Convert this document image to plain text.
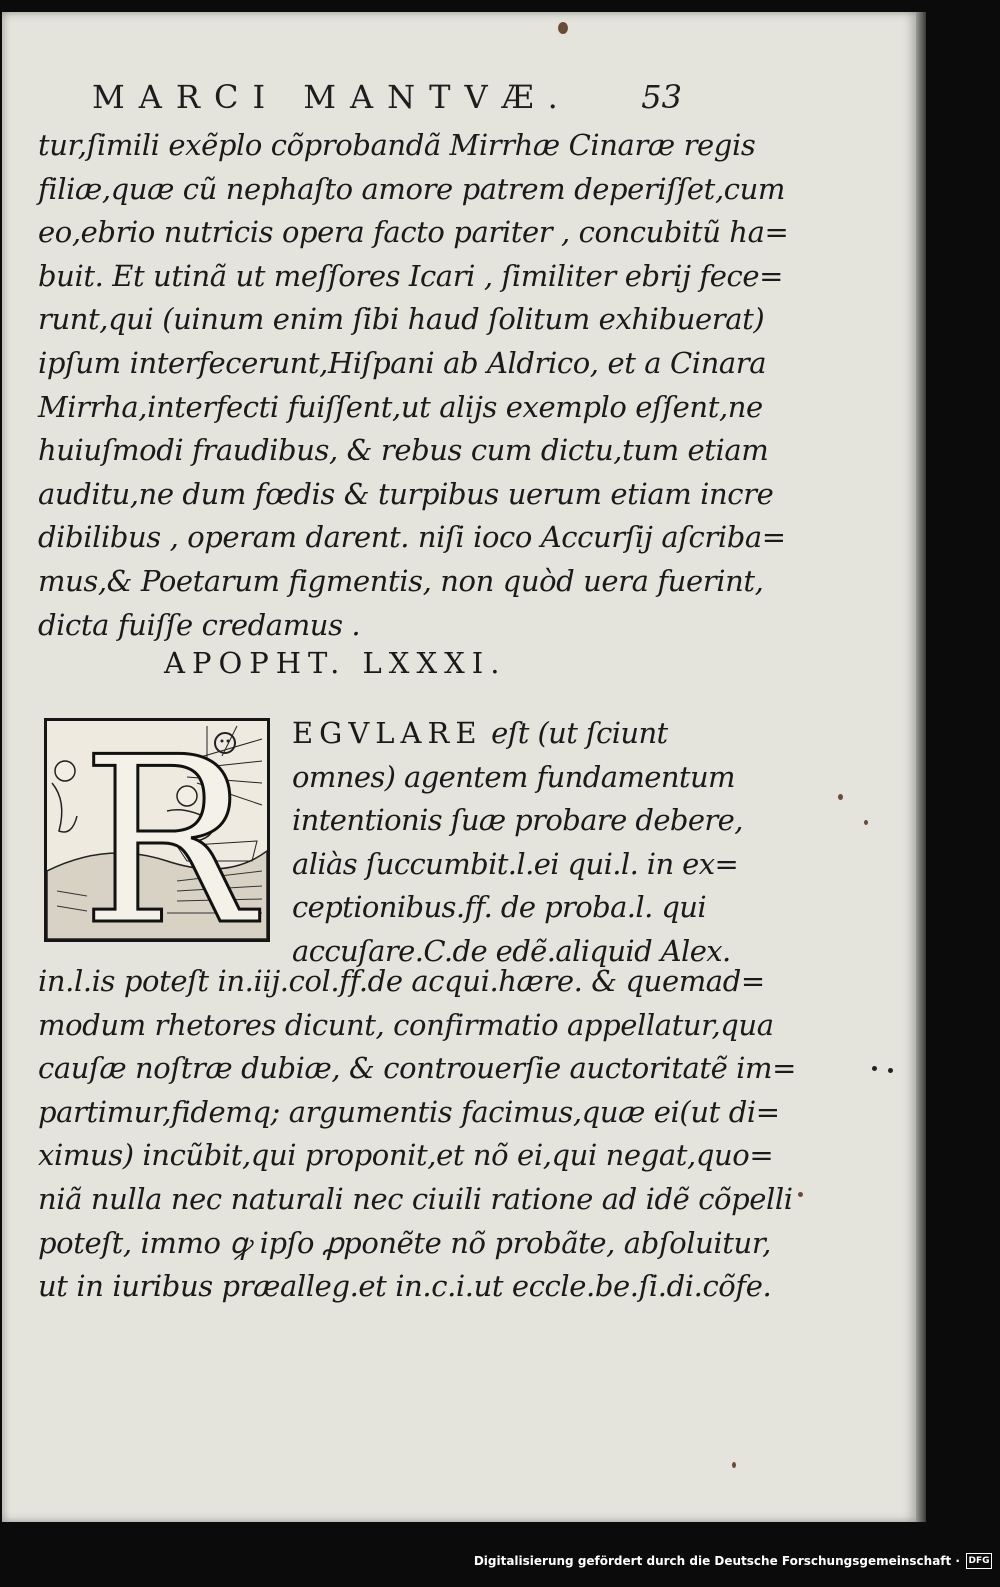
MARCI MANTVÆ. 53
tur,ſimili exẽplo cõprobandã Mirrhæ Cinaræ regis
filiæ,quæ cũ nephaſto amore patrem deperiſſet,cum
eo,ebrio nutricis opera facto pariter , concubitũ ha=
buit. Et utinã ut meſſores Icari , ſimiliter ebrij fece=
runt,qui (uinum enim ſibi haud ſolitum exhibuerat)
ipſum interfecerunt,Hiſpani ab Aldrico, et a Cinara
Mirrha,interfecti fuiſſent,ut aliјs exemplo eſſent,ne
huiuſmodi fraudibus, & rebus cum dictu,tum etiam
auditu,ne dum fœdis & turpibus uerum etiam incre
dibilibus , operam darent. niſi ioco Accurſij aſcriba=
mus,& Poetarum figmentis, non quòd uera fuerint,
dicta fuiſſe credamus .
APOPHT. LXXXI.
R EGVLARE eſt (ut ſciunt
omnes) agentem fundamentum
intentionis ſuæ probare debere,
aliàs ſuccumbit.l.ei qui.l. in ex=
ceptionibus.ff. de proba.l. qui
accuſare.C.de edẽ.aliquid Alex.
in.l.is poteſt in.iij.col.ff.de acqui.hære. & quemad=
modum rhetores dicunt, confirmatio appellatur,qua
cauſæ noſtræ dubiæ, & controuerſie auctoritatẽ im=
partimur,fidemq; argumentis facimus,quæ ei(ut di=
ximus) incũbit,qui proponit,et nõ ei,qui negat,quo=
niã nulla nec naturali nec ciuili ratione ad idẽ cõpelli
poteſt, immo ꝙ ipſo ꝓponẽte nõ probãte, abſoluitur,
ut in iuribus præalleg.et in.c.i.ut eccle.be.ſi.di.cõfe.
Digitalisierung gefördert durch die Deutsche Forschungsgemeinschaft · DFG
